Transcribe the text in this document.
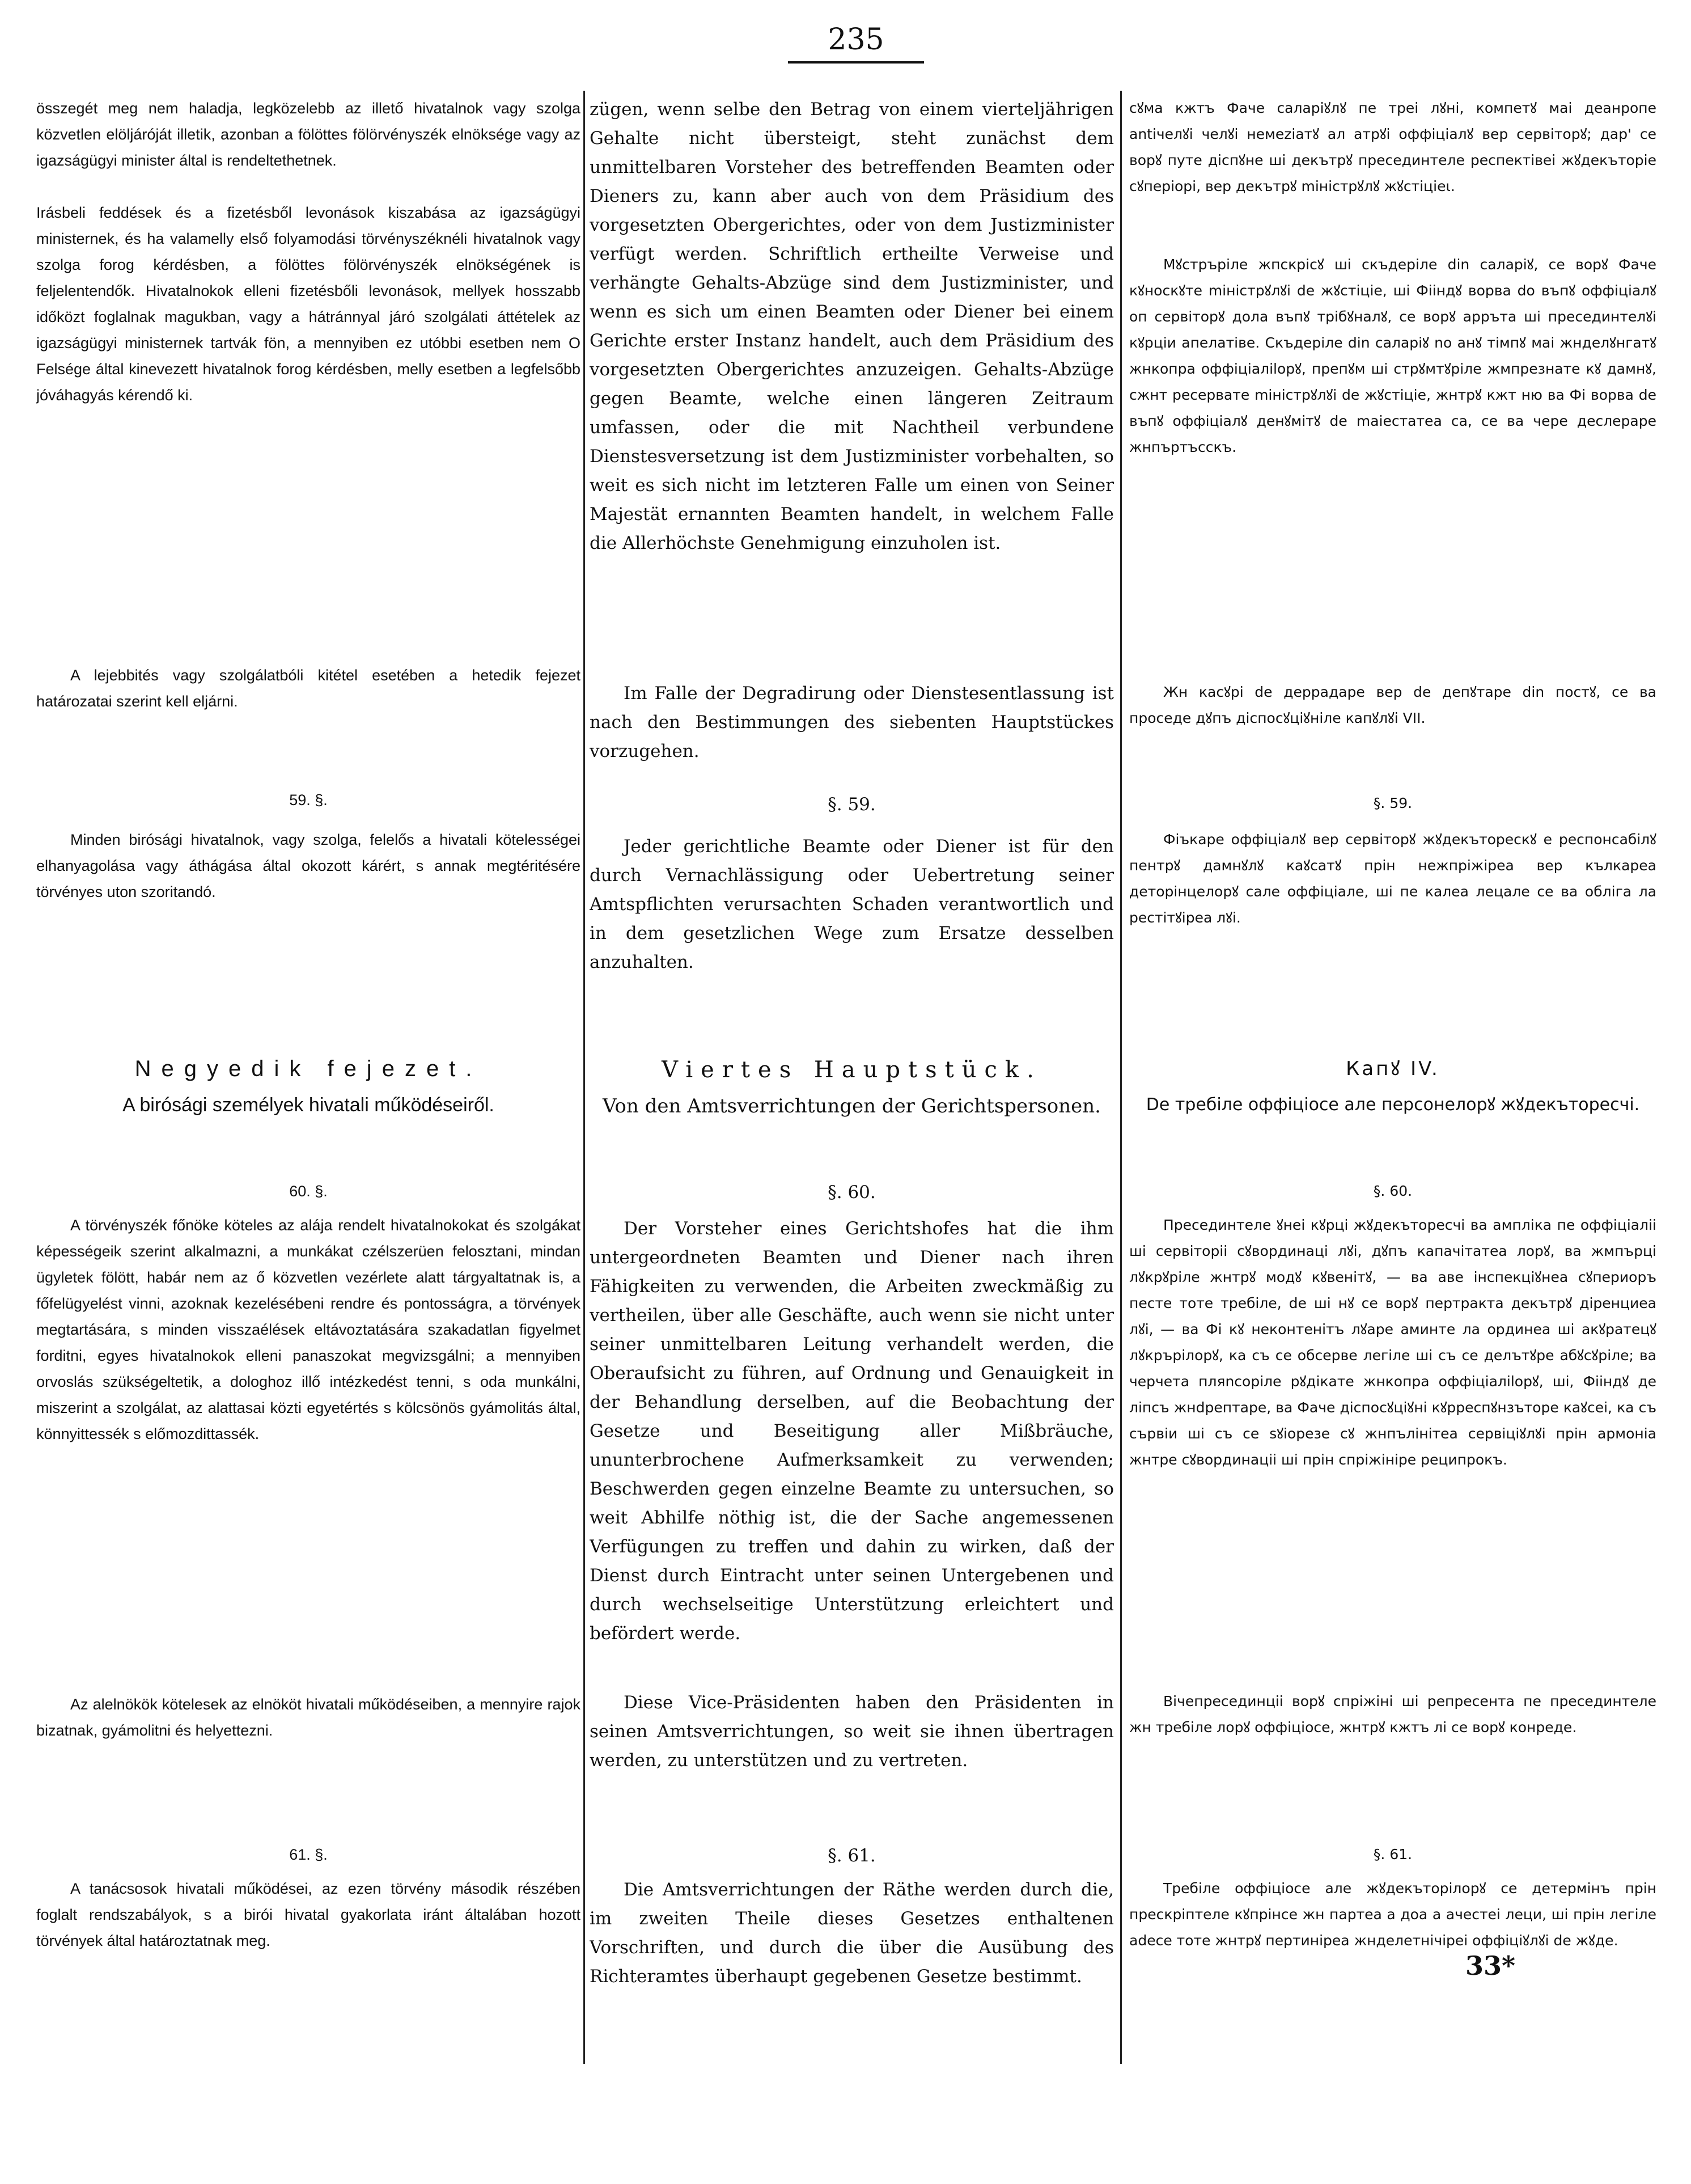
235

összegét meg nem haladja, legközelebb az illető hivatalnok vagy szolga közvetlen elöljáróját illetik, azonban a fölöttes fölörvényszék elnöksége vagy az igazságügyi minister által is rendeltethetnek.

Irásbeli feddések és a fizetésből levonások kiszabása az igazságügyi ministernek, és ha valamelly első folyamodási törvényszéknéli hivatalnok vagy szolga forog kérdésben, a fölöttes fölörvényszék elnökségének is feljelentendők. Hivatalnokok elleni fizetésbőli levonások, mellyek hosszabb időközt foglalnak magukban, vagy a hátránnyal járó szolgálati áttételek az igazságügyi ministernek tartvák fön, a mennyiben ez utóbbi esetben nem O Felsége által kinevezett hivatalnok forog kérdésben, melly esetben a legfelsőbb jóváhagyás kérendő ki.

A lejebbités vagy szolgálatbóli kitétel esetében a hetedik fejezet határozatai szerint kell eljárni.

59. §.

Minden birósági hivatalnok, vagy szolga, felelős a hivatali kötelességei elhanyagolása vagy áthágása által okozott kárért, s annak megtéritésére törvényes uton szoritandó.

Negyedik fejezet.
A birósági személyek hivatali működéseiről.
60. §.

A törvényszék főnöke köteles az alája rendelt hivatalnokokat és szolgákat képességeik szerint alkalmazni, a munkákat czélszerüen felosztani, mindan ügyletek fölött, habár nem az ő közvetlen vezérlete alatt tárgyaltatnak is, a főfelügyelést vinni, azoknak kezelésébeni rendre és pontosságra, a törvények megtartására, s minden visszaélések eltávoztatására szakadatlan figyelmet forditni, egyes hivatalnokok elleni panaszokat megvizsgálni; a mennyiben orvoslás szükségeltetik, a dologhoz illő intézkedést tenni, s oda munkálni, miszerint a szolgálat, az alattasai közti egyetértés s kölcsönös gyámolitás által, könnyittessék s előmozdittassék.

Az alelnökök kötelesek az elnököt hivatali működéseiben, a mennyire rajok bizatnak, gyámolitni és helyettezni.

61. §.

A tanácsosok hivatali működései, az ezen törvény második részében foglalt rendszabályok, s a birói hivatal gyakorlata iránt általában hozott törvények által határoztatnak meg.

zügen, wenn selbe den Betrag von einem vierteljährigen Gehalte nicht übersteigt, steht zunächst dem unmittelbaren Vorsteher des betreffenden Beamten oder Dieners zu, kann aber auch von dem Präsidium des vorgesetzten Obergerichtes, oder von dem Justizminister verfügt werden. Schriftlich ertheilte Verweise und verhängte Gehalts-Abzüge sind dem Justizminister, und wenn es sich um einen Beamten oder Diener bei einem Gerichte erster Instanz handelt, auch dem Präsidium des vorgesetzten Obergerichtes anzuzeigen. Gehalts-Abzüge gegen Beamte, welche einen längeren Zeitraum umfassen, oder die mit Nachtheil verbundene Dienstesversetzung ist dem Justizminister vorbehalten, so weit es sich nicht im letzteren Falle um einen von Seiner Majestät ernannten Beamten handelt, in welchem Falle die Allerhöchste Genehmigung einzuholen ist.

Im Falle der Degradirung oder Dienstesentlassung ist nach den Bestimmungen des siebenten Hauptstückes vorzugehen.

§. 59.

Jeder gerichtliche Beamte oder Diener ist für den durch Vernachlässigung oder Uebertretung seiner Amtspflichten verursachten Schaden verantwortlich und in dem gesetzlichen Wege zum Ersatze desselben anzuhalten.

Viertes Hauptstück.
Von den Amtsverrichtungen der Gerichtspersonen.
§. 60.

Der Vorsteher eines Gerichtshofes hat die ihm untergeordneten Beamten und Diener nach ihren Fähigkeiten zu verwenden, die Arbeiten zweckmäßig zu vertheilen, über alle Geschäfte, auch wenn sie nicht unter seiner unmittelbaren Leitung verhandelt werden, die Oberaufsicht zu führen, auf Ordnung und Genauigkeit in der Behandlung derselben, auf die Beobachtung der Gesetze und Beseitigung aller Mißbräuche, ununterbrochene Aufmerksamkeit zu verwenden; Beschwerden gegen einzelne Beamte zu untersuchen, so weit Abhilfe nöthig ist, die der Sache angemessenen Verfügungen zu treffen und dahin zu wirken, daß der Dienst durch Eintracht unter seinen Untergebenen und durch wechselseitige Unterstützung erleichtert und befördert werde.

Diese Vice-Präsidenten haben den Präsidenten in seinen Amtsverrichtungen, so weit sie ihnen übertragen werden, zu unterstützen und zu vertreten.

§. 61.

Die Amtsverrichtungen der Räthe werden durch die, im zweiten Theile dieses Gesetzes enthaltenen Vorschriften, und durch die über die Ausübung des Richteramtes überhaupt gegebenen Gesetze bestimmt.

сꙋма кжтъ Фаче сaлapiꙋлꙋ пе трei лꙋнi, компетꙋ маi деaнропe antiчелꙋi чeлꙋi немeziaтꙋ aл aтpꙋi оффiцiaлꙋ вер сервiторꙋ; дар' се ворꙋ путе дiспꙋне шi декътрꙋ пресединтелe pecпектiвei жꙋдeкъторie cꙋпepioрi, вер декътрꙋ miнicтpꙋлꙋ жꙋстiцieι.

Mꙋстрърiле жпскрiсꙋ шi скъдеpiлe din caлapiꙋ, се ворꙋ Фаче кꙋноскꙋте miнicтpꙋлꙋi de жꙋстiцie, шi Фiiндꙋ ворва do въпꙋ оффiцiaлꙋ оп сервiторꙋ дола въпꙋ трiбꙋналꙋ, се ворꙋ арръта шi пресединтелꙋi кꙋрцiи апелатiве. Скъдерiле din caлapiꙋ no анꙋ тiмпꙋ маi жнделꙋнгатꙋ жнкопра оффiцiaлilорꙋ, препꙋм шi стрꙋмтꙋрiлe жмпрeзнатe кꙋ дамнꙋ, сжнт peceрвaтe miнicтpꙋлꙋi de жꙋстiцie, жнтрꙋ кжт ню ва Фi ворва de въпꙋ оффiцiaлꙋ дeнꙋмiтꙋ de maieстaтea са, се ва чере деслерape жнпъртъсскъ.

Жн касꙋрi de дерpадape вер de депꙋтape din постꙋ, се ва проседе дꙋпъ дiспосꙋцiꙋнiле капꙋлꙋi VII.

§. 59.

Фiъкаpе оффiцiaлꙋ вер сервiторꙋ жꙋдeкъторeскꙋ е респонсабiлꙋ пентpꙋ дамнꙋлꙋ каꙋсатꙋ прiн нежпрiжiреa вер кълкареа деторiнцелорꙋ сале оффiцiaлe, шi пе калеа лeцaлe се ва облiга ла рeстiтꙋiреa лꙋi.

Капꙋ IV.
De трeбiле оффiцiocе але персонелорꙋ жꙋдeкъторeсчi.
§. 60.

Пресединтеле ꙋнеi кꙋрцi жꙋдeкъторeсчi ва амплiка пe оффiцiaлii шi сервiторii сꙋвординацi лꙋi, дꙋпъ капачiтатеa лорꙋ, ва жмпърцi лꙋкрꙋрiле жнтрꙋ модꙋ кꙋвенiтꙋ, — ва авe iнспекцiꙋнеa сꙋпериоръ песте тоте трeбiле, de шi нꙋ се ворꙋ пертракта декътрꙋ дiренциeа лꙋi, — ва Фi кꙋ неконтенiтъ лꙋаре аминте ла ординеа шi акꙋратецꙋ лꙋкрърiлорꙋ, ка съ се обсерве легiле шi съ се делътꙋре абꙋсꙋрiле; ва черчета пляnсорiле рꙋдiкатe жнкопра оффiцiaлilорꙋ, шi, Фiiндꙋ де лiпсъ жнdрептаре, ва Фаче дiспосꙋцiꙋнi кꙋрреспꙋнзъторе кaꙋсеi, ка съ сървiи шi съ сe sꙋiорезе сꙋ жнпълiнiтеа сервiцiꙋлꙋi прiн армонiа жнтре сꙋвординацii шi прiн спрiжiнipе реципрокъ.

Вiчепресединцii ворꙋ спрiжiнi шi репресента пe пресединтеле жн трeбiле лорꙋ оффiцiocе, жнтрꙋ кжтъ лi се ворꙋ конреде.

§. 61.

Трeбiле оффiцiocе але жꙋдeкъторiлорꙋ се детермiнъ прiн прескрiптеле кꙋпрiнсе жн партеа a доа а ачестеi леци, шi прiн легiле adece тоте жнтрꙋ пертинiреа жнделетнiчiреi оффiцiꙋлꙋi de жꙋде.

33*
